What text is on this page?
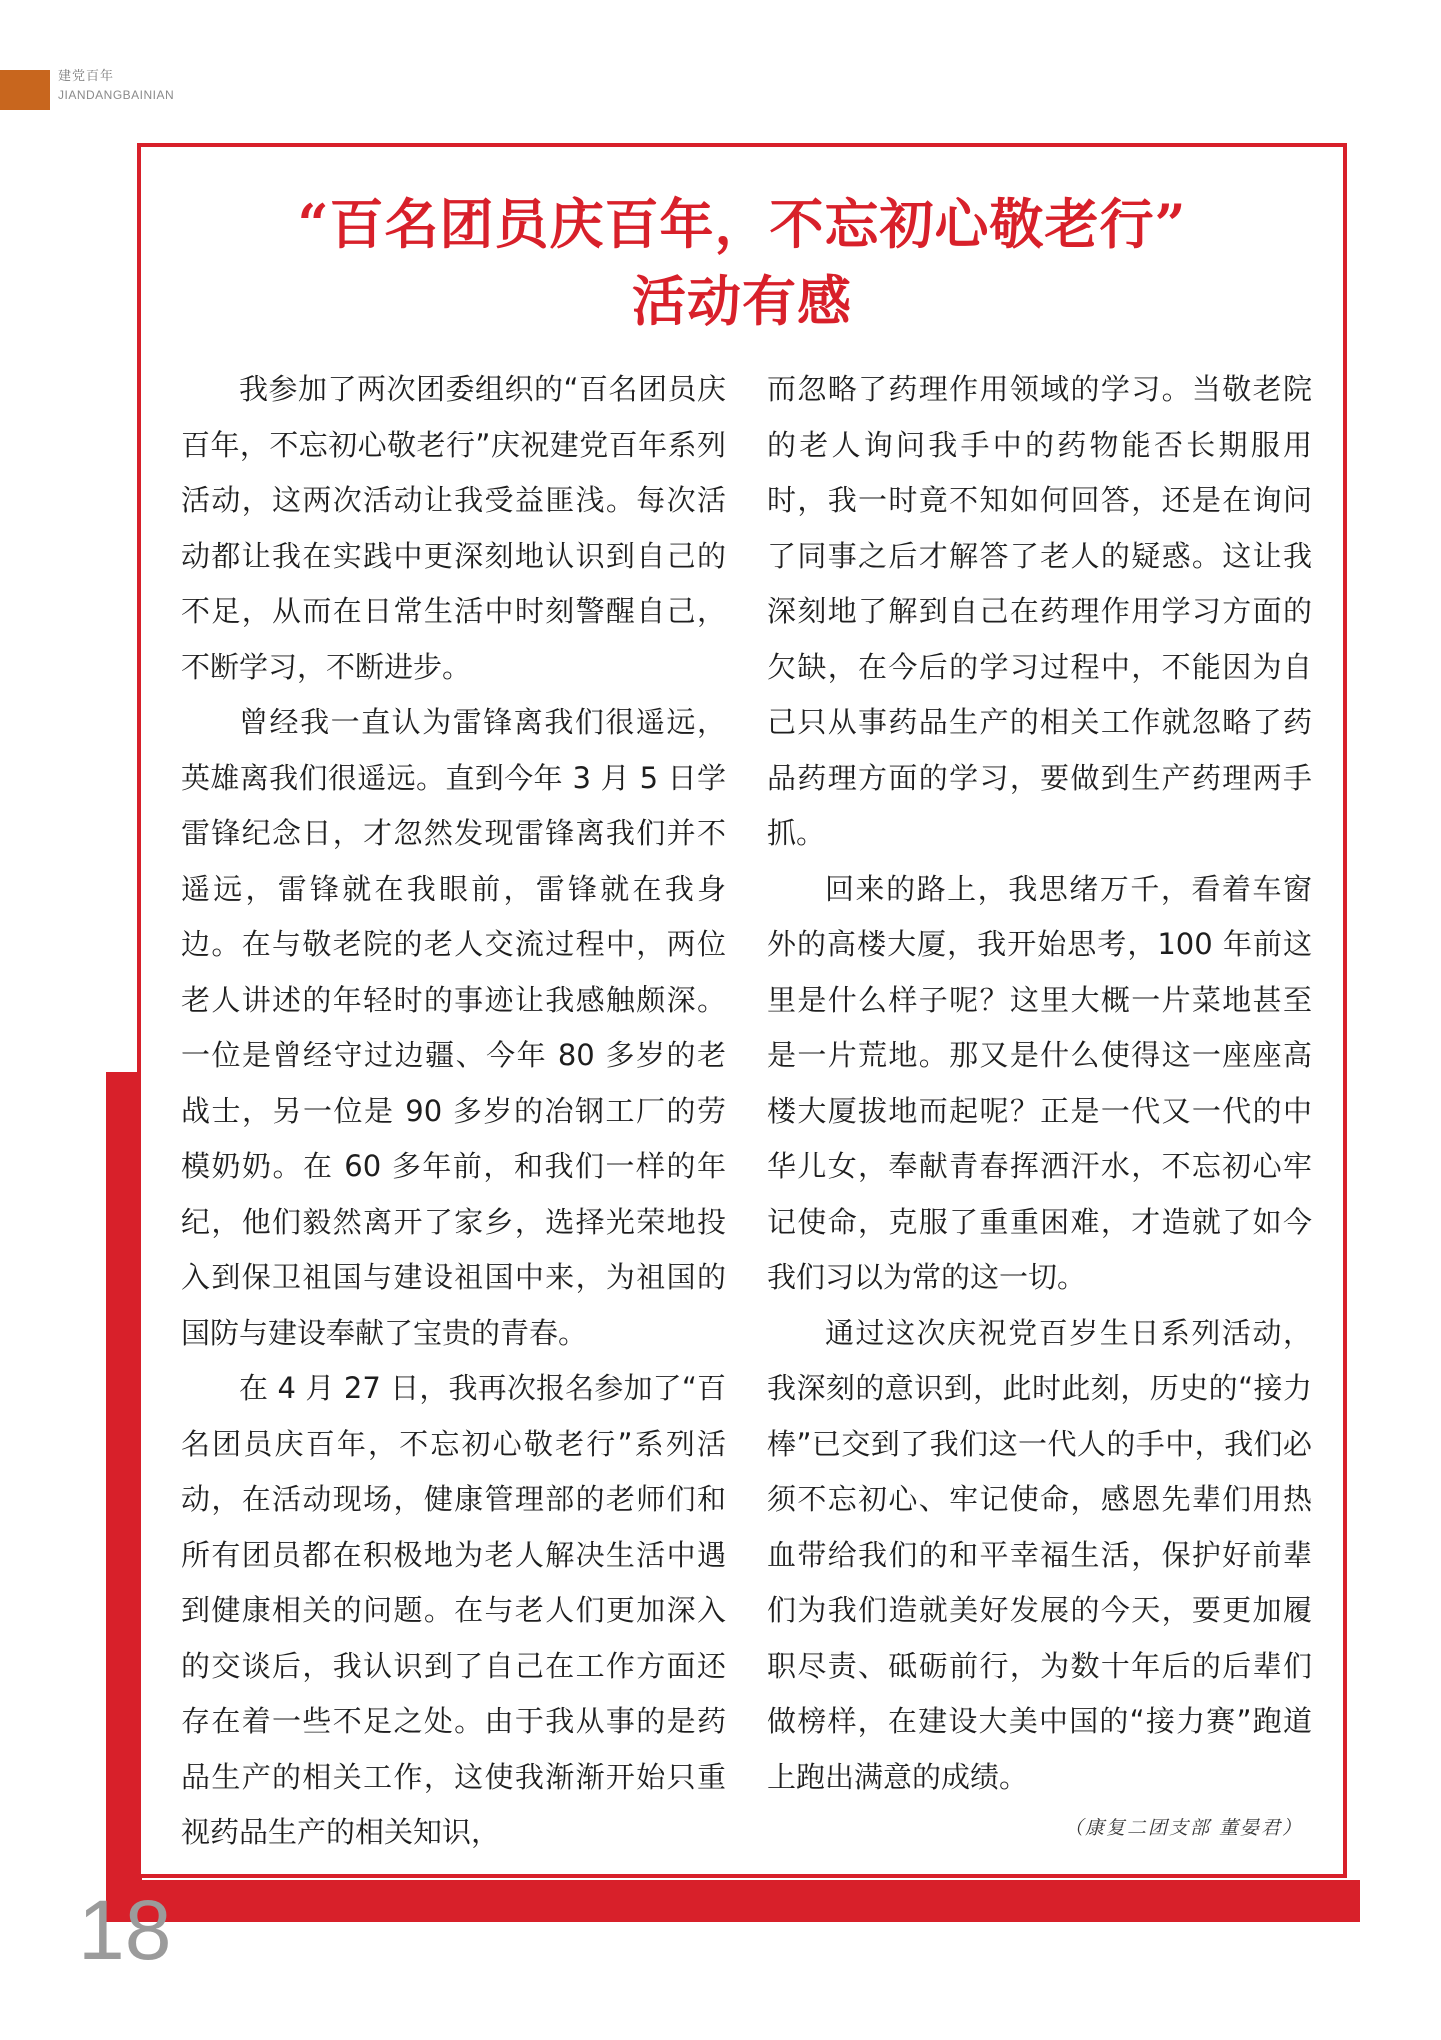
建党百年
JIANDANGBAINIAN
“百名团员庆百年，不忘初心敬老行”
活动有感

我参加了两次团委组织的“百名团员庆百年，不忘初心敬老行”庆祝建党百年系列活动，这两次活动让我受益匪浅。每次活动都让我在实践中更深刻地认识到自己的不足，从而在日常生活中时刻警醒自己，不断学习，不断进步。

曾经我一直认为雷锋离我们很遥远，英雄离我们很遥远。直到今年 3 月 5 日学雷锋纪念日，才忽然发现雷锋离我们并不遥远，雷锋就在我眼前，雷锋就在我身边。在与敬老院的老人交流过程中，两位老人讲述的年轻时的事迹让我感触颇深。一位是曾经守过边疆、今年 80 多岁的老战士，另一位是 90 多岁的冶钢工厂的劳模奶奶。在 60 多年前，和我们一样的年纪，他们毅然离开了家乡，选择光荣地投入到保卫祖国与建设祖国中来，为祖国的国防与建设奉献了宝贵的青春。

在 4 月 27 日，我再次报名参加了“百名团员庆百年，不忘初心敬老行”系列活动，在活动现场，健康管理部的老师们和所有团员都在积极地为老人解决生活中遇到健康相关的问题。在与老人们更加深入的交谈后，我认识到了自己在工作方面还存在着一些不足之处。由于我从事的是药品生产的相关工作，这使我渐渐开始只重视药品生产的相关知识，

而忽略了药理作用领域的学习。当敬老院的老人询问我手中的药物能否长期服用时，我一时竟不知如何回答，还是在询问了同事之后才解答了老人的疑惑。这让我深刻地了解到自己在药理作用学习方面的欠缺，在今后的学习过程中，不能因为自己只从事药品生产的相关工作就忽略了药品药理方面的学习，要做到生产药理两手抓。

回来的路上，我思绪万千，看着车窗外的高楼大厦，我开始思考，100 年前这里是什么样子呢？这里大概一片菜地甚至是一片荒地。那又是什么使得这一座座高楼大厦拔地而起呢？正是一代又一代的中华儿女，奉献青春挥洒汗水，不忘初心牢记使命，克服了重重困难，才造就了如今我们习以为常的这一切。

通过这次庆祝党百岁生日系列活动，我深刻的意识到，此时此刻，历史的“接力棒”已交到了我们这一代人的手中，我们必须不忘初心、牢记使命，感恩先辈们用热血带给我们的和平幸福生活，保护好前辈们为我们造就美好发展的今天，要更加履职尽责、砥砺前行，为数十年后的后辈们做榜样，在建设大美中国的“接力赛”跑道上跑出满意的成绩。

（康复二团支部 董晏君）
18
